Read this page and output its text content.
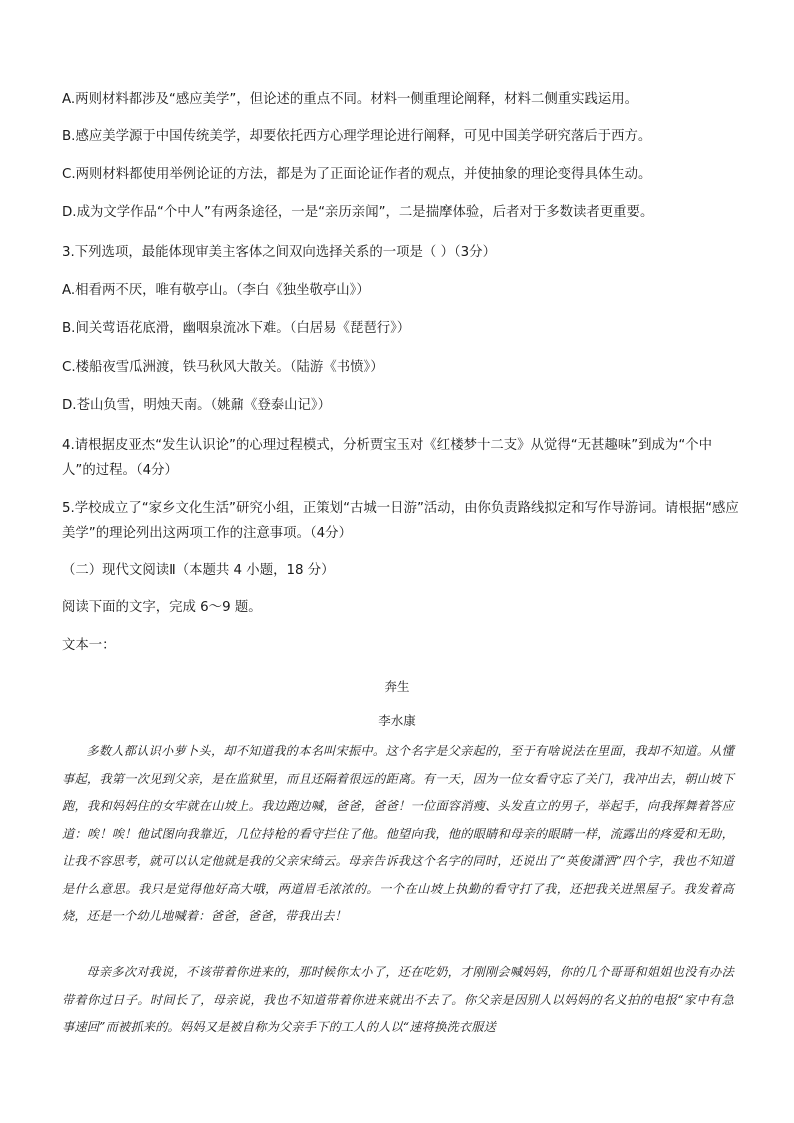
A.两则材料都涉及“感应美学”，但论述的重点不同。材料一侧重理论阐释，材料二侧重实践运用。
B.感应美学源于中国传统美学，却要依托西方心理学理论进行阐释，可见中国美学研究落后于西方。
C.两则材料都使用举例论证的方法，都是为了正面论证作者的观点，并使抽象的理论变得具体生动。
D.成为文学作品“个中人”有两条途径，一是“亲历亲闻”，二是揣摩体验，后者对于多数读者更重要。
3.下列选项，最能体现审美主客体之间双向选择关系的一项是（ ）（3分）
A.相看两不厌，唯有敬亭山。（李白《独坐敬亭山》）
B.间关莺语花底滑，幽咽泉流冰下难。（白居易《琵琶行》）
C.楼船夜雪瓜洲渡，铁马秋风大散关。（陆游《书愤》）
D.苍山负雪，明烛天南。（姚鼐《登泰山记》）
4.请根据皮亚杰“发生认识论”的心理过程模式，分析贾宝玉对《红楼梦十二支》从觉得“无甚趣味”到成为“个中人”的过程。（4分）
5.学校成立了“家乡文化生活”研究小组，正策划“古城一日游”活动，由你负责路线拟定和写作导游词。请根据“感应美学”的理论列出这两项工作的注意事项。（4分）
（二）现代文阅读Ⅱ（本题共 4 小题，18 分）
阅读下面的文字，完成 6～9 题。
文本一：
奔生
李水康
多数人都认识小萝卜头，却不知道我的本名叫宋振中。这个名字是父亲起的，至于有啥说法在里面，我却不知道。从懂事起，我第一次见到父亲，是在监狱里，而且还隔着很远的距离。有一天，因为一位女看守忘了关门，我冲出去，朝山坡下跑，我和妈妈住的女牢就在山坡上。我边跑边喊，爸爸，爸爸！一位面容消瘦、头发直立的男子，举起手，向我挥舞着答应道：唉！唉！他试图向我靠近，几位持枪的看守拦住了他。他望向我，他的眼睛和母亲的眼睛一样，流露出的疼爱和无助，让我不容思考，就可以认定他就是我的父亲宋绮云。母亲告诉我这个名字的同时，还说出了“英俊潇洒”四个字，我也不知道是什么意思。我只是觉得他好高大哦，两道眉毛浓浓的。一个在山坡上执勤的看守打了我，还把我关进黑屋子。我发着高烧，还是一个幼儿地喊着：爸爸，爸爸，带我出去！
母亲多次对我说，不该带着你进来的，那时候你太小了，还在吃奶，才刚刚会喊妈妈，你的几个哥哥和姐姐也没有办法带着你过日子。时间长了，母亲说，我也不知道带着你进来就出不去了。你父亲是因别人以妈妈的名义拍的电报“家中有急事速回”而被抓来的。妈妈又是被自称为父亲手下的工人的人以“速将换洗衣服送
